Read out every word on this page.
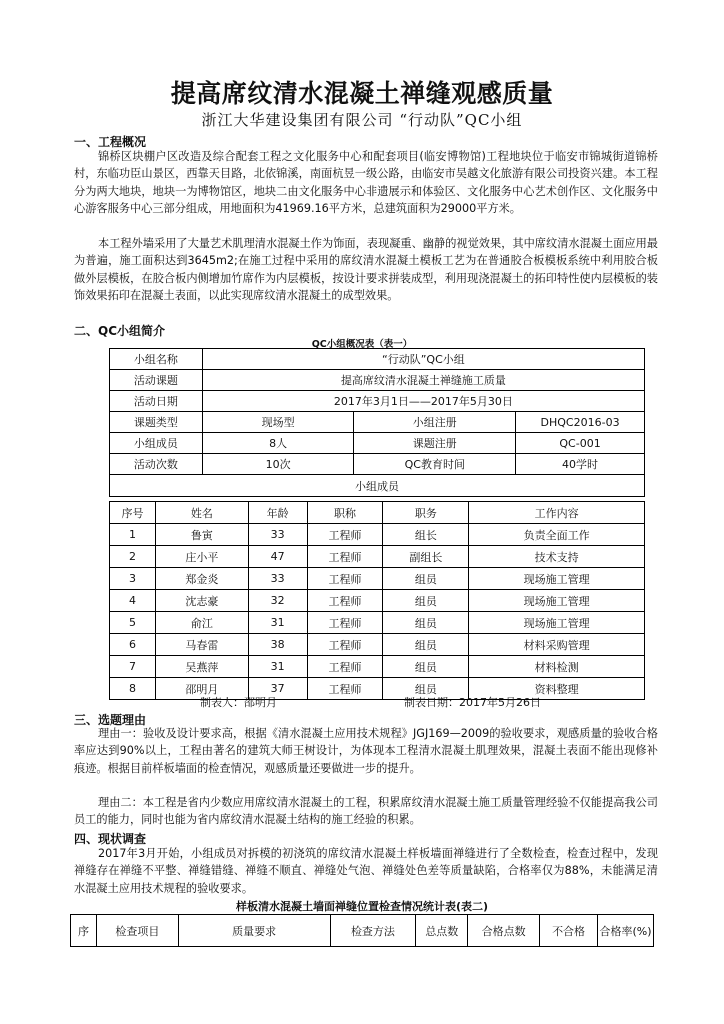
提高席纹清水混凝土禅缝观感质量
浙江大华建设集团有限公司 “行动队”QC小组
一、工程概况
锦桥区块棚户区改造及综合配套工程之文化服务中心和配套项目(临安博物馆)工程地块位于临安市锦城街道锦桥村，东临功臣山景区，西靠天目路，北依锦溪，南面杭昱一级公路，由临安市吴越文化旅游有限公司投资兴建。本工程分为两大地块，地块一为博物馆区，地块二由文化服务中心非遗展示和体验区、文化服务中心艺术创作区、文化服务中心游客服务中心三部分组成，用地面积为41969.16平方米，总建筑面积为29000平方米。
本工程外墙采用了大量艺术肌理清水混凝土作为饰面，表现凝重、幽静的视觉效果，其中席纹清水混凝土面应用最为普遍，施工面积达到3645m2;在施工过程中采用的席纹清水混凝土模板工艺为在普通胶合板模板系统中利用胶合板做外层模板，在胶合板内侧增加竹席作为内层模板，按设计要求拼装成型，利用现浇混凝土的拓印特性使内层模板的装饰效果拓印在混凝土表面，以此实现席纹清水混凝土的成型效果。
二、QC小组简介
QC小组概况表（表一）
小组名称	“行动队”QC小组		
活动课题	提高席纹清水混凝土禅缝施工质量		
活动日期	2017年3月1日——2017年5月30日		
课题类型	现场型	小组注册	DHQC2016-03
小组成员	8人	课题注册	QC-001
活动次数	10次	QC教育时间	40学时
小组成员			
序号	姓名	年龄	职称	职务	工作内容
1	鲁寅	33	工程师	组长	负责全面工作
2	庄小平	47	工程师	副组长	技术支持
3	郑金炎	33	工程师	组员	现场施工管理
4	沈志豪	32	工程师	组员	现场施工管理
5	俞江	31	工程师	组员	现场施工管理
6	马春雷	38	工程师	组员	材料采购管理
7	吴燕萍	31	工程师	组员	材料检测
8	邵明月	37	工程师	组员	资料整理
制表人：邵明月	制表日期：2017年5月26日
三、选题理由
理由一：验收及设计要求高，根据《清水混凝土应用技术规程》JGJ169—2009的验收要求，观感质量的验收合格率应达到90%以上，工程由著名的建筑大师王树设计，为体现本工程清水混凝土肌理效果，混凝土表面不能出现修补痕迹。根据目前样板墙面的检查情况，观感质量还要做进一步的提升。
理由二：本工程是省内少数应用席纹清水混凝土的工程，积累席纹清水混凝土施工质量管理经验不仅能提高我公司员工的能力，同时也能为省内席纹清水混凝土结构的施工经验的积累。
四、现状调查
2017年3月开始，小组成员对拆模的初浇筑的席纹清水混凝土样板墙面禅缝进行了全数检查，检查过程中，发现禅缝存在禅缝不平整、禅缝错缝、禅缝不顺直、禅缝处气泡、禅缝处色差等质量缺陷，合格率仅为88%，未能满足清水混凝土应用技术规程的验收要求。
样板清水混凝土墙面禅缝位置检查情况统计表(表二)
序	检查项目	质量要求	检查方法	总点数	合格点数	不合格	合格率(%)
